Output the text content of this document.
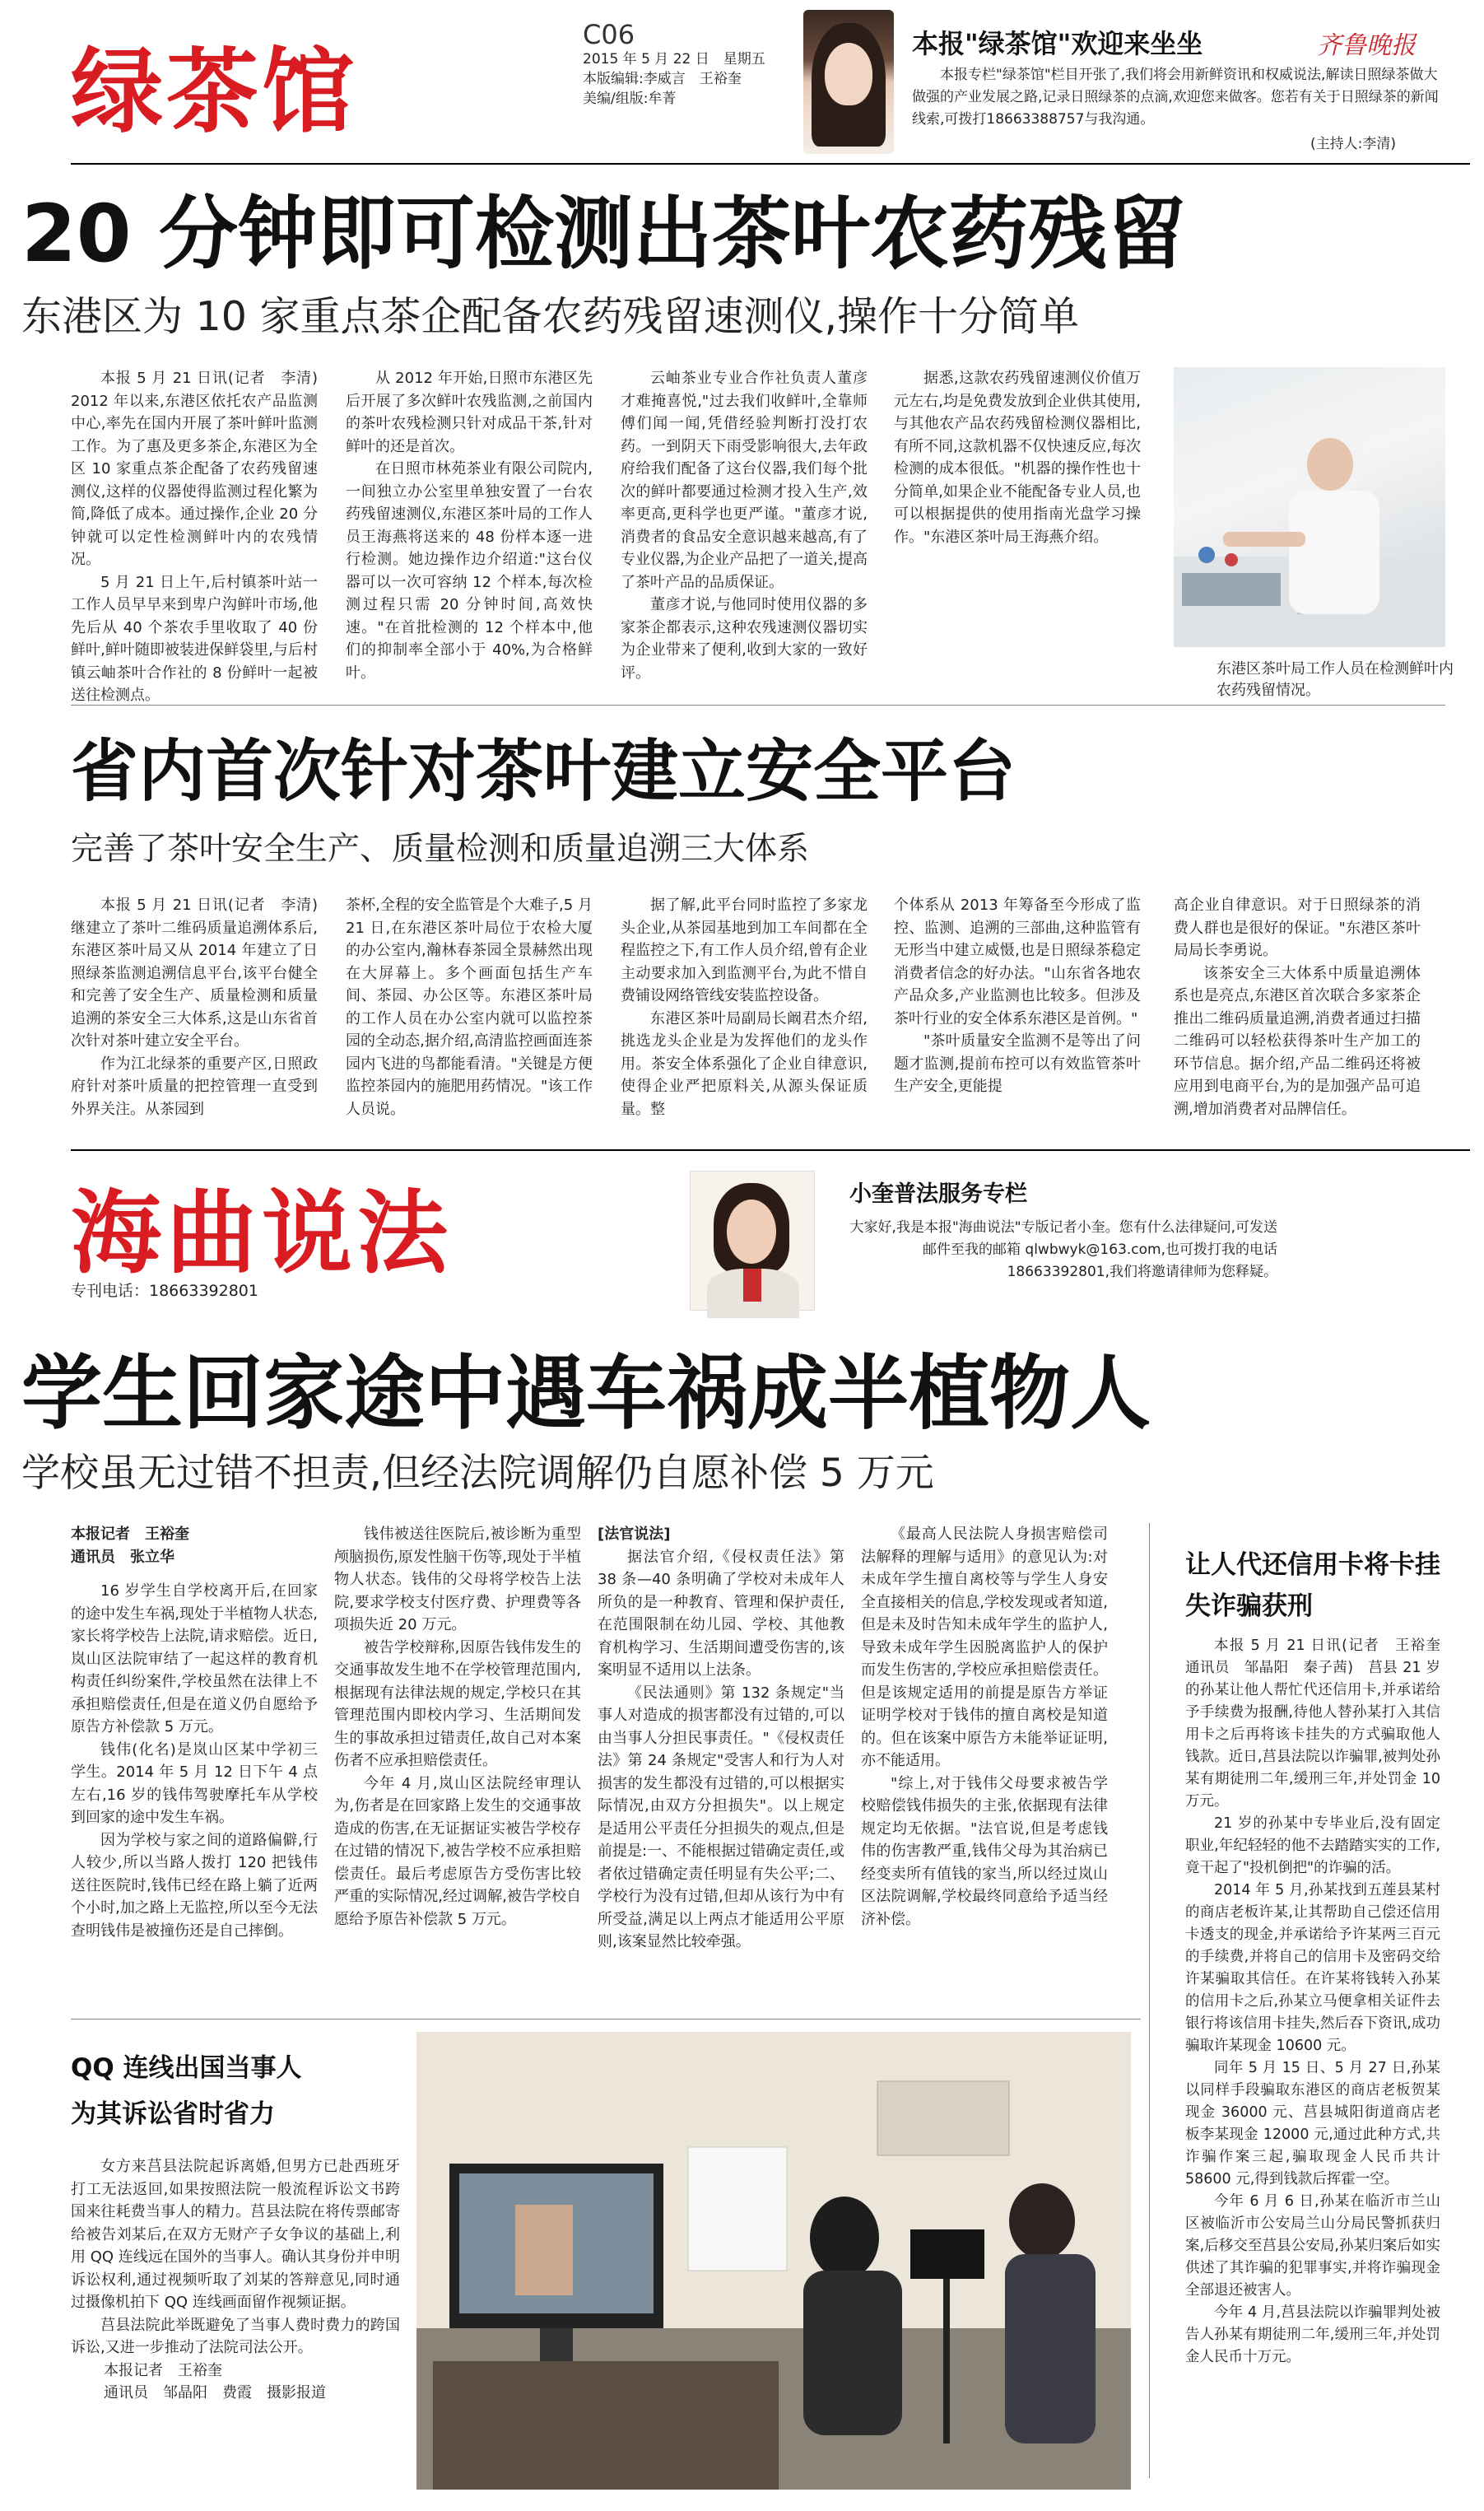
绿茶馆
C06
2015 年 5 月 22 日　星期五
本版编辑:李威言　王裕奎
美编/组版:牟菁
本报"绿茶馆"欢迎来坐坐	齐鲁晚报
本报专栏"绿茶馆"栏目开张了,我们将会用新鲜资讯和权威说法,解读日照绿茶做大做强的产业发展之路,记录日照绿茶的点滴,欢迎您来做客。您若有关于日照绿茶的新闻线索,可拨打18663388757与我沟通。
(主持人:李清)
20 分钟即可检测出茶叶农药残留
东港区为 10 家重点茶企配备农药残留速测仪,操作十分简单

本报 5 月 21 日讯(记者　李清)　2012 年以来,东港区依托农产品监测中心,率先在国内开展了茶叶鲜叶监测工作。为了惠及更多茶企,东港区为全区 10 家重点茶企配备了农药残留速测仪,这样的仪器使得监测过程化繁为简,降低了成本。通过操作,企业 20 分钟就可以定性检测鲜叶内的农残情况。

5 月 21 日上午,后村镇茶叶站一工作人员早早来到卑户沟鲜叶市场,他先后从 40 个茶农手里收取了 40 份鲜叶,鲜叶随即被装进保鲜袋里,与后村镇云岫茶叶合作社的 8 份鲜叶一起被送往检测点。

从 2012 年开始,日照市东港区先后开展了多次鲜叶农残监测,之前国内的茶叶农残检测只针对成品干茶,针对鲜叶的还是首次。

在日照市林苑茶业有限公司院内,一间独立办公室里单独安置了一台农药残留速测仪,东港区茶叶局的工作人员王海燕将送来的 48 份样本逐一进行检测。她边操作边介绍道:"这台仪器可以一次可容纳 12 个样本,每次检测过程只需 20 分钟时间,高效快速。"在首批检测的 12 个样本中,他们的抑制率全部小于 40%,为合格鲜叶。

云岫茶业专业合作社负责人董彦才难掩喜悦,"过去我们收鲜叶,全靠师傅们闻一闻,凭借经验判断打没打农药。一到阴天下雨受影响很大,去年政府给我们配备了这台仪器,我们每个批次的鲜叶都要通过检测才投入生产,效率更高,更科学也更严谨。"董彦才说,消费者的食品安全意识越来越高,有了专业仪器,为企业产品把了一道关,提高了茶叶产品的品质保证。

董彦才说,与他同时使用仪器的多家茶企都表示,这种农残速测仪器切实为企业带来了便利,收到大家的一致好评。

据悉,这款农药残留速测仪价值万元左右,均是免费发放到企业供其使用,与其他农产品农药残留检测仪器相比,有所不同,这款机器不仅快速反应,每次检测的成本很低。"机器的操作性也十分简单,如果企业不能配备专业人员,也可以根据提供的使用指南光盘学习操作。"东港区茶叶局王海燕介绍。

东港区茶叶局工作人员在检测鲜叶内农药残留情况。
省内首次针对茶叶建立安全平台
完善了茶叶安全生产、质量检测和质量追溯三大体系

本报 5 月 21 日讯(记者　李清)　继建立了茶叶二维码质量追溯体系后,东港区茶叶局又从 2014 年建立了日照绿茶监测追溯信息平台,该平台健全和完善了安全生产、质量检测和质量追溯的茶安全三大体系,这是山东省首次针对茶叶建立安全平台。

作为江北绿茶的重要产区,日照政府针对茶叶质量的把控管理一直受到外界关注。从茶园到

茶杯,全程的安全监管是个大难子,5 月 21 日,在东港区茶叶局位于农检大厦的办公室内,瀚林春茶园全景赫然出现在大屏幕上。多个画面包括生产车间、茶园、办公区等。东港区茶叶局的工作人员在办公室内就可以监控茶园的全动态,据介绍,高清监控画面连茶园内飞进的鸟都能看清。"关键是方便监控茶园内的施肥用药情况。"该工作人员说。

据了解,此平台同时监控了多家龙头企业,从茶园基地到加工车间都在全程监控之下,有工作人员介绍,曾有企业主动要求加入到监测平台,为此不惜自费铺设网络管线安装监控设备。

东港区茶叶局副局长阚君杰介绍,挑选龙头企业是为发挥他们的龙头作用。茶安全体系强化了企业自律意识,使得企业严把原料关,从源头保证质量。整

个体系从 2013 年筹备至今形成了监控、监测、追溯的三部曲,这种监管有无形当中建立威慑,也是日照绿茶稳定消费者信念的好办法。"山东省各地农产品众多,产业监测也比较多。但涉及茶叶行业的安全体系东港区是首例。"

"茶叶质量安全监测不是等出了问题才监测,提前布控可以有效监管茶叶生产安全,更能提

高企业自律意识。对于日照绿茶的消费人群也是很好的保证。"东港区茶叶局局长李勇说。

该茶安全三大体系中质量追溯体系也是亮点,东港区首次联合多家茶企推出二维码质量追溯,消费者通过扫描二维码可以轻松获得茶叶生产加工的环节信息。据介绍,产品二维码还将被应用到电商平台,为的是加强产品可追溯,增加消费者对品牌信任。

海曲说法
专刊电话：18663392801
小奎普法服务专栏
大家好,我是本报"海曲说法"专版记者小奎。您有什么法律疑问,可发送邮件至我的邮箱 qlwbwyk@163.com,也可拨打我的电话 18663392801,我们将邀请律师为您释疑。
学生回家途中遇车祸成半植物人
学校虽无过错不担责,但经法院调解仍自愿补偿 5 万元

本报记者　王裕奎

通讯员　张立华

16 岁学生自学校离开后,在回家的途中发生车祸,现处于半植物人状态,家长将学校告上法院,请求赔偿。近日,岚山区法院审结了一起这样的教育机构责任纠纷案件,学校虽然在法律上不承担赔偿责任,但是在道义仍自愿给予原告方补偿款 5 万元。

钱伟(化名)是岚山区某中学初三学生。2014 年 5 月 12 日下午 4 点左右,16 岁的钱伟驾驶摩托车从学校到回家的途中发生车祸。

因为学校与家之间的道路偏僻,行人较少,所以当路人拨打 120 把钱伟送往医院时,钱伟已经在路上躺了近两个小时,加之路上无监控,所以至今无法查明钱伟是被撞伤还是自己摔倒。

钱伟被送往医院后,被诊断为重型颅脑损伤,原发性脑干伤等,现处于半植物人状态。钱伟的父母将学校告上法院,要求学校支付医疗费、护理费等各项损失近 20 万元。

被告学校辩称,因原告钱伟发生的交通事故发生地不在学校管理范围内,根据现有法律法规的规定,学校只在其管理范围内即校内学习、生活期间发生的事故承担过错责任,故自己对本案伤者不应承担赔偿责任。

今年 4 月,岚山区法院经审理认为,伤者是在回家路上发生的交通事故造成的伤害,在无证据证实被告学校存在过错的情况下,被告学校不应承担赔偿责任。最后考虑原告方受伤害比较严重的实际情况,经过调解,被告学校自愿给予原告补偿款 5 万元。

[法官说法]

据法官介绍,《侵权责任法》第 38 条—40 条明确了学校对未成年人所负的是一种教育、管理和保护责任,在范围限制在幼儿园、学校、其他教育机构学习、生活期间遭受伤害的,该案明显不适用以上法条。

《民法通则》第 132 条规定"当事人对造成的损害都没有过错的,可以由当事人分担民事责任。"《侵权责任法》第 24 条规定"受害人和行为人对损害的发生都没有过错的,可以根据实际情况,由双方分担损失"。以上规定是适用公平责任分担损失的观点,但是前提是:一、不能根据过错确定责任,或者依过错确定责任明显有失公平;二、学校行为没有过错,但却从该行为中有所受益,满足以上两点才能适用公平原则,该案显然比较牵强。

《最高人民法院人身损害赔偿司法解释的理解与适用》的意见认为:对未成年学生擅自离校等与学生人身安全直接相关的信息,学校发现或者知道,但是未及时告知未成年学生的监护人,导致未成年学生因脱离监护人的保护而发生伤害的,学校应承担赔偿责任。但是该规定适用的前提是原告方举证证明学校对于钱伟的擅自离校是知道的。但在该案中原告方未能举证证明,亦不能适用。

"综上,对于钱伟父母要求被告学校赔偿钱伟损失的主张,依据现有法律规定均无依据。"法官说,但是考虑钱伟的伤害教严重,钱伟父母为其治病已经变卖所有值钱的家当,所以经过岚山区法院调解,学校最终同意给予适当经济补偿。

让人代还信用卡将卡挂失诈骗获刑

本报 5 月 21 日讯(记者　王裕奎　通讯员　邹晶阳　秦子茜)　莒县 21 岁的孙某让他人帮忙代还信用卡,并承诺给予手续费为报酬,待他人替孙某打入其信用卡之后再将该卡挂失的方式骗取他人钱款。近日,莒县法院以诈骗罪,被判处孙某有期徒刑二年,缓刑三年,并处罚金 10 万元。

21 岁的孙某中专毕业后,没有固定职业,年纪轻轻的他不去踏踏实实的工作,竟干起了"投机倒把"的诈骗的活。

2014 年 5 月,孙某找到五莲县某村的商店老板许某,让其帮助自己偿还信用卡透支的现金,并承诺给予许某两三百元的手续费,并将自己的信用卡及密码交给许某骗取其信任。在许某将钱转入孙某的信用卡之后,孙某立马便拿相关证件去银行将该信用卡挂失,然后吞下资讯,成功骗取许某现金 10600 元。

同年 5 月 15 日、5 月 27 日,孙某以同样手段骗取东港区的商店老板贺某现金 36000 元、莒县城阳街道商店老板李某现金 12000 元,通过此种方式,共诈骗作案三起,骗取现金人民币共计 58600 元,得到钱款后挥霍一空。

今年 6 月 6 日,孙某在临沂市兰山区被临沂市公安局兰山分局民警抓获归案,后移交至莒县公安局,孙某归案后如实供述了其诈骗的犯罪事实,并将诈骗现金全部退还被害人。

今年 4 月,莒县法院以诈骗罪判处被告人孙某有期徒刑二年,缓刑三年,并处罚金人民币十万元。

QQ 连线出国当事人
为其诉讼省时省力

女方来莒县法院起诉离婚,但男方已赴西班牙打工无法返回,如果按照法院一般流程诉讼文书跨国来往耗费当事人的精力。莒县法院在将传票邮寄给被告刘某后,在双方无财产子女争议的基础上,利用 QQ 连线远在国外的当事人。确认其身份并申明诉讼权利,通过视频听取了刘某的答辩意见,同时通过摄像机拍下 QQ 连线画面留作视频证据。

莒县法院此举既避免了当事人费时费力的跨国诉讼,又进一步推动了法院司法公开。

本报记者　王裕奎

通讯员　邹晶阳　费霞　摄影报道
